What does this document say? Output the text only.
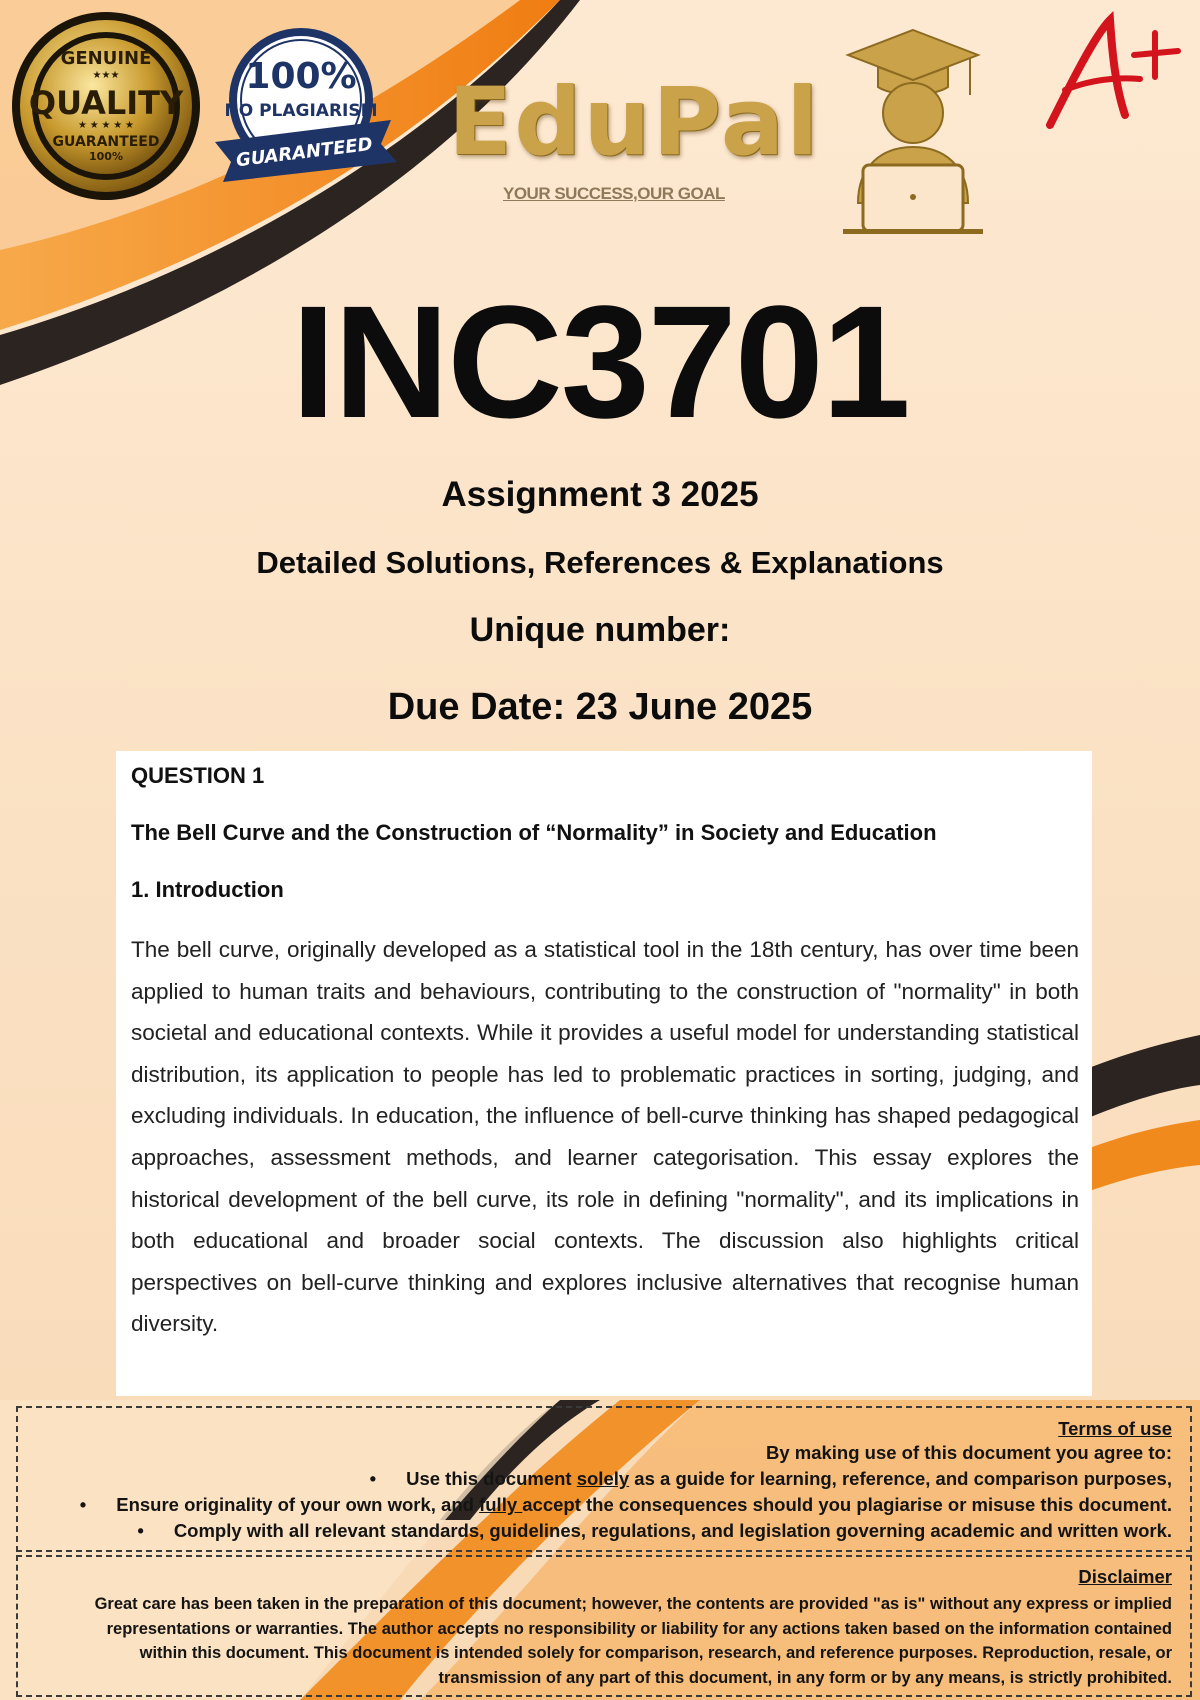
GENUINE
★★★
QUALITY
★ ★ ★ ★ ★
GUARANTEED
100%
100%
NO PLAGIARISM
GUARANTEED EduPal
YOUR SUCCESS,OUR GOAL
A+
INC3701
Assignment 3 2025
Detailed Solutions, References & Explanations
Unique number:
Due Date: 23 June 2025
QUESTION 1
The Bell Curve and the Construction of “Normality” in Society and Education
1. Introduction
The bell curve, originally developed as a statistical tool in the 18th century, has over time been applied to human traits and behaviours, contributing to the construction of "normality" in both societal and educational contexts. While it provides a useful model for understanding statistical distribution, its application to people has led to problematic practices in sorting, judging, and excluding individuals. In education, the influence of bell-curve thinking has shaped pedagogical approaches, assessment methods, and learner categorisation. This essay explores the historical development of the bell curve, its role in defining "normality", and its implications in both educational and broader social contexts. The discussion also highlights critical perspectives on bell-curve thinking and explores inclusive alternatives that recognise human diversity.
Terms of use
By making use of this document you agree to:
• Use this document solely as a guide for learning, reference, and comparison purposes,
• Ensure originality of your own work, and fully accept the consequences should you plagiarise or misuse this document.
• Comply with all relevant standards, guidelines, regulations, and legislation governing academic and written work.
Disclaimer
Great care has been taken in the preparation of this document; however, the contents are provided "as is" without any express or implied representations or warranties. The author accepts no responsibility or liability for any actions taken based on the information contained within this document. This document is intended solely for comparison, research, and reference purposes. Reproduction, resale, or transmission of any part of this document, in any form or by any means, is strictly prohibited.
